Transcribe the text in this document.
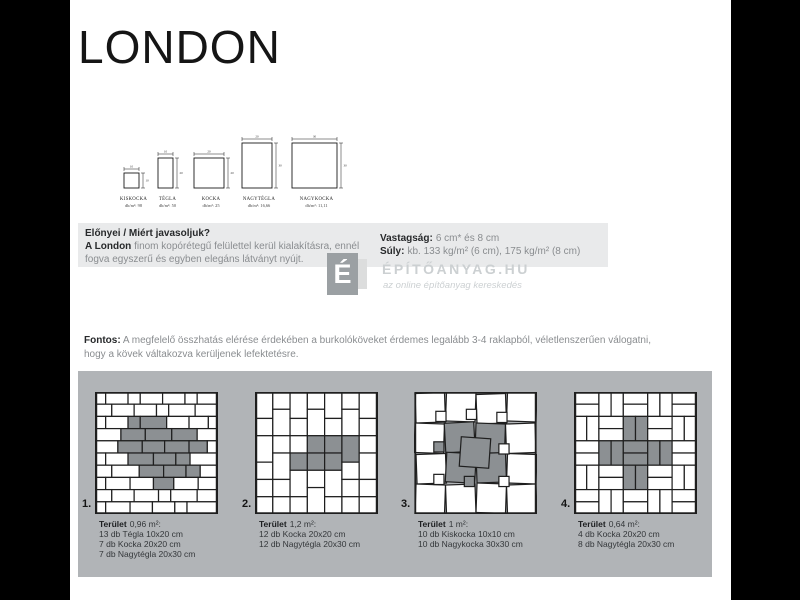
LONDON
10
10
KISKOCKA
db/m²: 98
10
20
TÉGLA
db/m²: 50
20
20
KOCKA
db/m²: 25
20
30
NAGYTÉGLA
db/m²: 16,66
30
30
NAGYKOCKA
db/m²: 11,11
Előnyei / Miért javasoljuk?
A London finom kopórétegű felülettel kerül kialakításra, ennél fogva egyszerű és egyben elegáns látványt nyújt.
Vastagság: 6 cm* és 8 cm
Súly: kb. 133 kg/m² (6 cm), 175 kg/m² (8 cm)
É	ÉPÍTŐANYAG.HU
az online építőanyag kereskedés
Fontos: A megfelelő összhatás elérése érdekében a burkolóköveket érdemes legalább 3-4 raklapból, véletlenszerűen válogatni, hogy a kövek váltakozva kerüljenek lefektetésre.
1.
Terület 0,96 m²:
13 db Tégla 10x20 cm
7 db Kocka 20x20 cm
7 db Nagytégla 20x30 cm
2.
Terület 1,2 m²:
12 db Kocka 20x20 cm
12 db Nagytégla 20x30 cm
3.
Terület 1 m²:
10 db Kiskocka 10x10 cm
10 db Nagykocka 30x30 cm
4.
Terület 0,64 m²:
4 db Kocka 20x20 cm
8 db Nagytégla 20x30 cm
